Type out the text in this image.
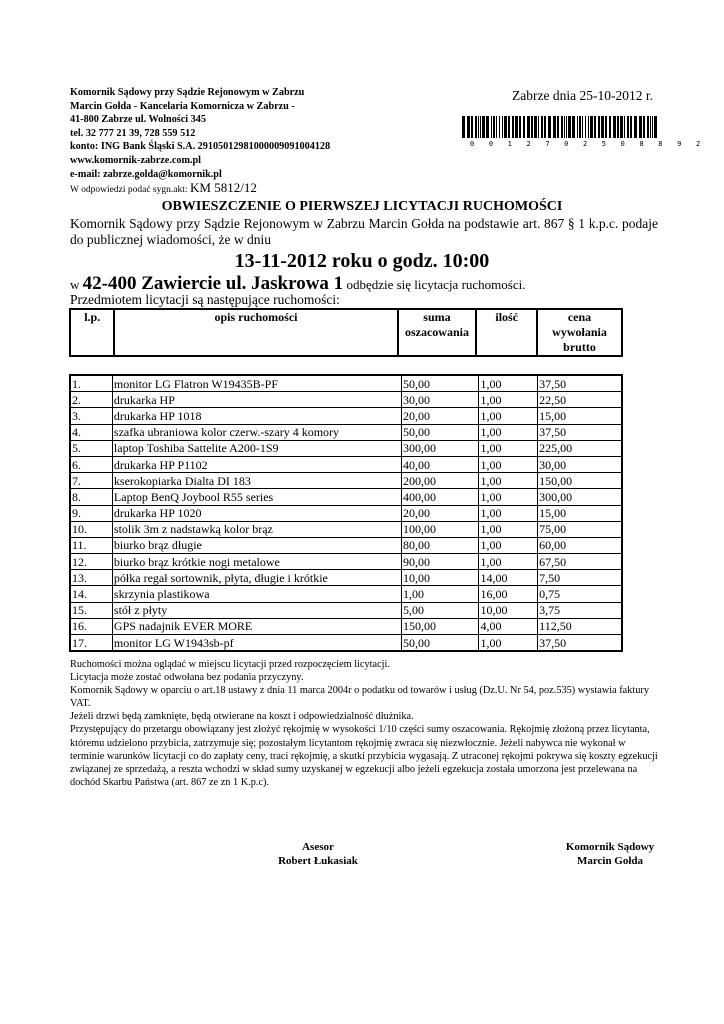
Komornik Sądowy przy Sądzie Rejonowym w Zabrzu
Marcin Gołda - Kancelaria Komornicza w Zabrzu -
41-800 Zabrze ul. Wolności 345
tel. 32 777 21 39, 728 559 512
konto: ING Bank Śląski S.A. 29105012981000009091004128
www.komornik-zabrze.com.pl
e-mail: zabrze.golda@komornik.pl
W odpowiedzi podać sygn.akt: KM 5812/12
Zabrze dnia 25-10-2012 r.
0 0 1 2 7 0 2 5 0 8 8 9 2
OBWIESZCZENIE O PIERWSZEJ LICYTACJI RUCHOMOŚCI
Komornik Sądowy przy Sądzie Rejonowym w Zabrzu Marcin Gołda na podstawie art. 867 § 1 k.p.c. podaje do publicznej wiadomości, że w dniu
13-11-2012 roku o godz. 10:00
w 42-400 Zawiercie ul. Jaskrowa 1 odbędzie się licytacja ruchomości.
Przedmiotem licytacji są następujące ruchomości:
l.p.	opis ruchomości	suma oszacowania	ilość	cena wywołania brutto
1.	monitor LG Flatron W19435B-PF	50,00	1,00	37,50
2.	drukarka HP	30,00	1,00	22,50
3.	drukarka HP 1018	20,00	1,00	15,00
4.	szafka ubraniowa kolor czerw.-szary 4 komory	50,00	1,00	37,50
5.	laptop Toshiba Sattelite A200-1S9	300,00	1,00	225,00
6.	drukarka HP P1102	40,00	1,00	30,00
7.	kserokopiarka Dialta DI 183	200,00	1,00	150,00
8.	Laptop BenQ Joybool R55 series	400,00	1,00	300,00
9.	drukarka HP 1020	20,00	1,00	15,00
10.	stolik 3m z nadstawką kolor brąz	100,00	1,00	75,00
11.	biurko brąz długie	80,00	1,00	60,00
12.	biurko brąz krótkie nogi metalowe	90,00	1,00	67,50
13.	półka regał sortownik, płyta, długie i krótkie	10,00	14,00	7,50
14.	skrzynia plastikowa	1,00	16,00	0,75
15.	stół z płyty	5,00	10,00	3,75
16.	GPS nadajnik EVER MORE	150,00	4,00	112,50
17.	monitor LG W1943sb-pf	50,00	1,00	37,50

Ruchomości można oglądać w miejscu licytacji przed rozpoczęciem licytacji.

Licytacja może zostać odwołana bez podania przyczyny.

Komornik Sądowy w oparciu o art.18 ustawy z dnia 11 marca 2004r o podatku od towarów i usług (Dz.U. Nr 54, poz.535) wystawia faktury VAT.

Jeżeli drzwi będą zamknięte, będą otwierane na koszt i odpowiedzialność dłużnika.

Przystępujący do przetargu obowiązany jest złożyć rękojmię w wysokości 1/10 części sumy oszacowania. Rękojmię złożoną przez licytanta, któremu udzielono przybicia, zatrzymuje się; pozostałym licytantom rękojmię zwraca się niezwłocznie. Jeżeli nabywca nie wykonał w terminie warunków licytacji co do zapłaty ceny, traci rękojmię, a skutki przybicia wygasają. Z utraconej rękojmi pokrywa się koszty egzekucji związanej ze sprzedażą, a reszta wchodzi w skład sumy uzyskanej w egzekucji albo jeżeli egzekucja została umorzona jest przelewana na dochód Skarbu Państwa (art. 867 ze zn 1 K.p.c).

Asesor
Robert Łukasiak
Komornik Sądowy
Marcin Gołda
